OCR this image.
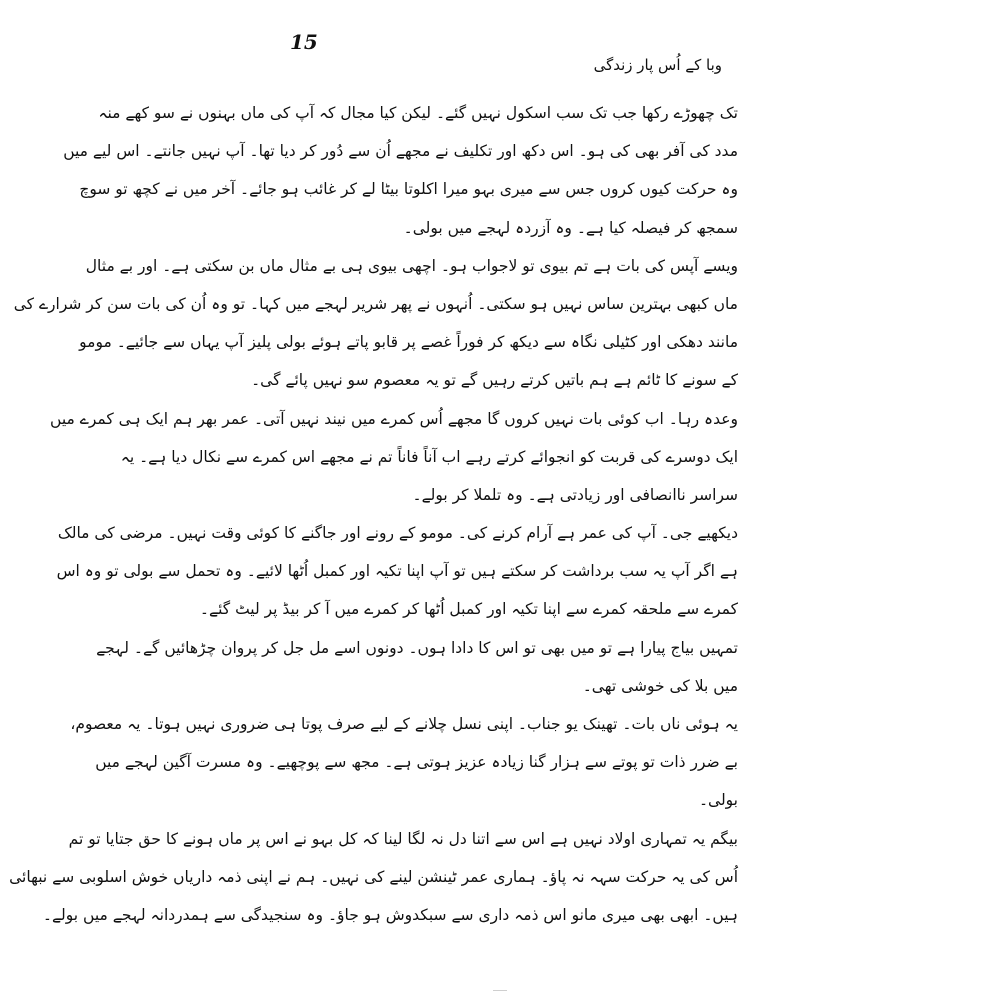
15
وبا کے اُس پار زندگی
تک چھوڑے رکھا جب تک سب اسکول نہیں گئے۔ لیکن کیا مجال کہ آپ کی ماں بہنوں نے سو کھے منہ
مدد کی آفر بھی کی ہو۔ اس دکھ اور تکلیف نے مجھے اُن سے دُور کر دیا تھا۔ آپ نہیں جانتے۔ اس لیے میں
وہ حرکت کیوں کروں جس سے میری بہو میرا اکلوتا بیٹا لے کر غائب ہو جائے۔ آخر میں نے کچھ تو سوچ
سمجھ کر فیصلہ کیا ہے۔ وہ آزردہ لہجے میں بولی۔
ویسے آپس کی بات ہے تم بیوی تو لاجواب ہو۔ اچھی بیوی ہی بے مثال ماں بن سکتی ہے۔ اور بے مثال
ماں کبھی بہترین ساس نہیں ہو سکتی۔ اُنہوں نے پھر شریر لہجے میں کہا۔ تو وہ اُن کی بات سن کر شرارے کی
مانند دھکی اور کٹیلی نگاہ سے دیکھ کر فوراً غصے پر قابو پاتے ہوئے بولی پلیز آپ یہاں سے جائیے۔ مومو
کے سونے کا ٹائم ہے ہم باتیں کرتے رہیں گے تو یہ معصوم سو نہیں پائے گی۔
وعدہ رہا۔ اب کوئی بات نہیں کروں گا مجھے اُس کمرے میں نیند نہیں آتی۔ عمر بھر ہم ایک ہی کمرے میں
ایک دوسرے کی قربت کو انجوائے کرتے رہے اب آناً فاناً تم نے مجھے اس کمرے سے نکال دیا ہے۔ یہ
سراسر ناانصافی اور زیادتی ہے۔ وہ تلملا کر بولے۔
دیکھیے جی۔ آپ کی عمر ہے آرام کرنے کی۔ مومو کے رونے اور جاگنے کا کوئی وقت نہیں۔ مرضی کی مالک
ہے اگر آپ یہ سب برداشت کر سکتے ہیں تو آپ اپنا تکیہ اور کمبل اُٹھا لائیے۔ وہ تحمل سے بولی تو وہ اس
کمرے سے ملحقہ کمرے سے اپنا تکیہ اور کمبل اُٹھا کر کمرے میں آ کر بیڈ پر لیٹ گئے۔
تمہیں بیاج پیارا ہے تو میں بھی تو اس کا دادا ہوں۔ دونوں اسے مل جل کر پروان چڑھائیں گے۔ لہجے
میں بلا کی خوشی تھی۔
یہ ہوئی ناں بات۔ تھینک یو جناب۔ اپنی نسل چلانے کے لیے صرف پوتا ہی ضروری نہیں ہوتا۔ یہ معصوم،
بے ضرر ذات تو پوتے سے ہزار گنا زیادہ عزیز ہوتی ہے۔ مجھ سے پوچھیے۔ وہ مسرت آگین لہجے میں
بولی۔
بیگم یہ تمہاری اولاد نہیں ہے اس سے اتنا دل نہ لگا لینا کہ کل بہو نے اس پر ماں ہونے کا حق جتایا تو تم
اُس کی یہ حرکت سہہ نہ پاؤ۔ ہماری عمر ٹینشن لینے کی نہیں۔ ہم نے اپنی ذمہ داریاں خوش اسلوبی سے نبھائی
ہیں۔ ابھی بھی میری مانو اس ذمہ داری سے سبکدوش ہو جاؤ۔ وہ سنجیدگی سے ہمدردانہ لہجے میں بولے۔
